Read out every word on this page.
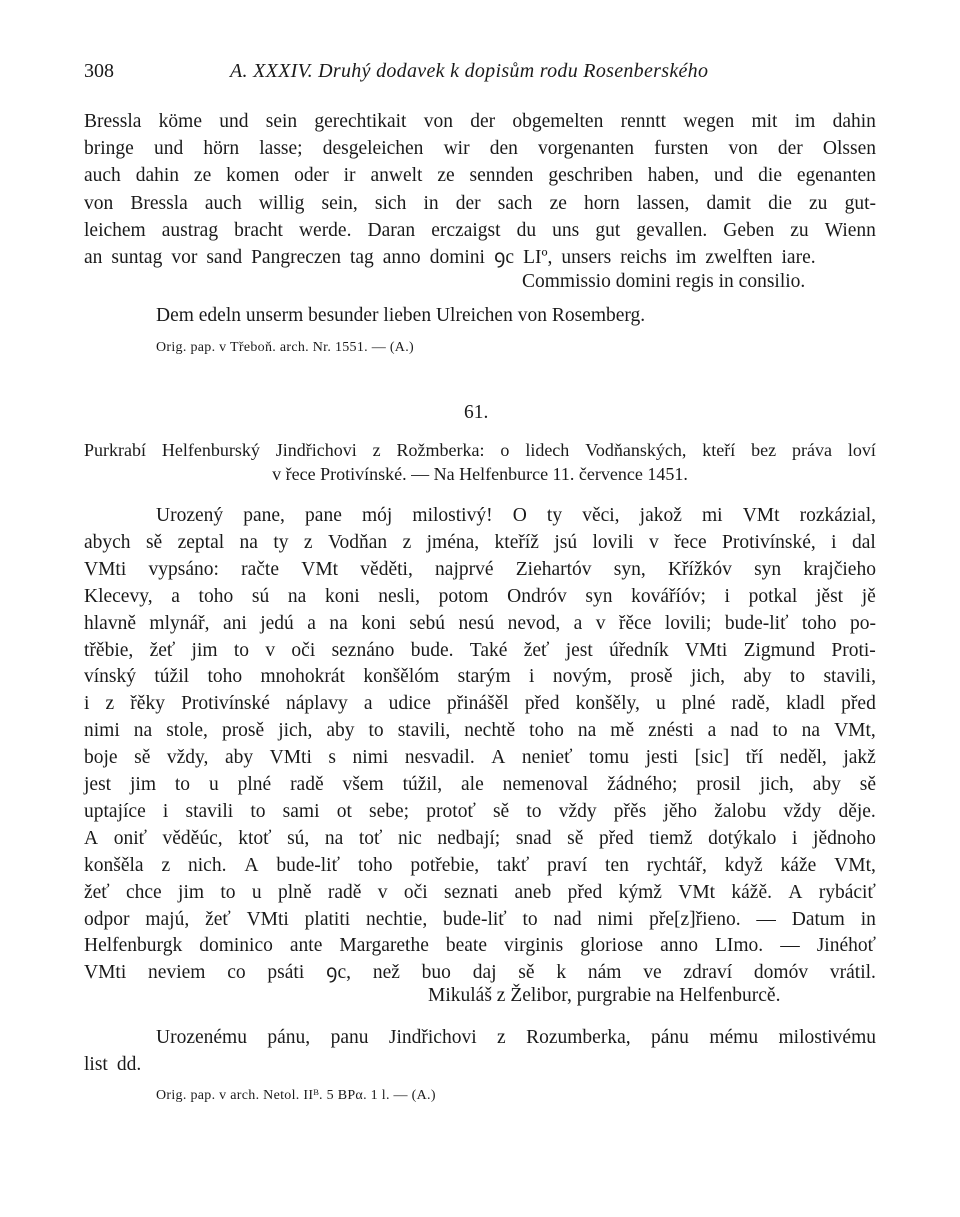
308	A. XXXIV. Druhý dodavek k dopisům rodu Rosenberského
Bressla köme und sein gerechtikait von der obgemelten renntt wegen mit im dahin
bringe und hörn lasse; desgeleichen wir den vorgenanten fursten von der Olssen
auch dahin ze komen oder ir anwelt ze sennden geschriben haben, und die egenanten
von Bressla auch willig sein, sich in der sach ze horn lassen, damit die zu gut-
leichem austrag bracht werde. Daran erczaigst du uns gut gevallen. Geben zu Wienn
an suntag vor sand Pangreczen tag anno domini ꝯc LIº, unsers reichs im zwelften iare.
Commissio domini regis in consilio.
Dem edeln unserm besunder lieben Ulreichen von Rosemberg.
Orig. pap. v Třeboň. arch. Nr. 1551. — (A.)
61.
Purkrabí Helfenburský Jindřichovi z Rožmberka: o lidech Vodňanských, kteří bez práva loví
v řece Protivínské. — Na Helfenburce 11. července 1451.
Urozený pane, pane mój milostivý! O ty věci, jakož mi VMt rozkázial,
abych sě zeptal na ty z Vodňan z jména, kteříž jsú lovili v řece Protivínské, i dal
VMti vypsáno: račte VMt věděti, najprvé Ziehartóv syn, Křížkóv syn krajčieho
Klecevy, a toho sú na koni nesli, potom Ondróv syn kováříóv; i potkal jěst jě
hlavně mlynář, ani jedú a na koni sebú nesú nevod, a v řěce lovili; bude-liť toho po-
třěbie, žeť jim to v oči seznáno bude. Také žeť jest úředník VMti Zigmund Proti-
vínský túžil toho mnohokrát konšělóm starým i novým, prosě jich, aby to stavili,
i z řěky Protivínské náplavy a udice přinášěl před konšěly, u plné radě, kladl před
nimi na stole, prosě jich, aby to stavili, nechtě toho na mě znésti a nad to na VMt,
boje sě vždy, aby VMti s nimi nesvadil. A nenieť tomu jesti [sic] tří neděl, jakž
jest jim to u plné radě všem túžil, ale nemenoval žádného; prosil jich, aby sě
uptajíce i stavili to sami ot sebe; protoť sě to vždy přěs jěho žalobu vždy děje.
A oniť věděúc, ktoť sú, na toť nic nedbají; snad sě před tiemž dotýkalo i jědnoho
konšěla z nich. A bude-liť toho potřebie, takť praví ten rychtář, když káže VMt,
žeť chce jim to u plně radě v oči seznati aneb před kýmž VMt kážě. A rybáciť
odpor majú, žeť VMti platiti nechtie, bude-liť to nad nimi pře[z]řieno. — Datum in
Helfenburgk dominico ante Margarethe beate virginis gloriose anno LImo. — Jinéhoť
VMti neviem co psáti ꝯc, než buo daj sě k nám ve zdraví domóv vrátil.
Mikuláš z Želibor, purgrabie na Helfenburcě.
Urozenému pánu, panu Jindřichovi z Rozumberka, pánu mému milostivému
list dd.
Orig. pap. v arch. Netol. IIᴮ. 5 BPα. 1 l. — (A.)
